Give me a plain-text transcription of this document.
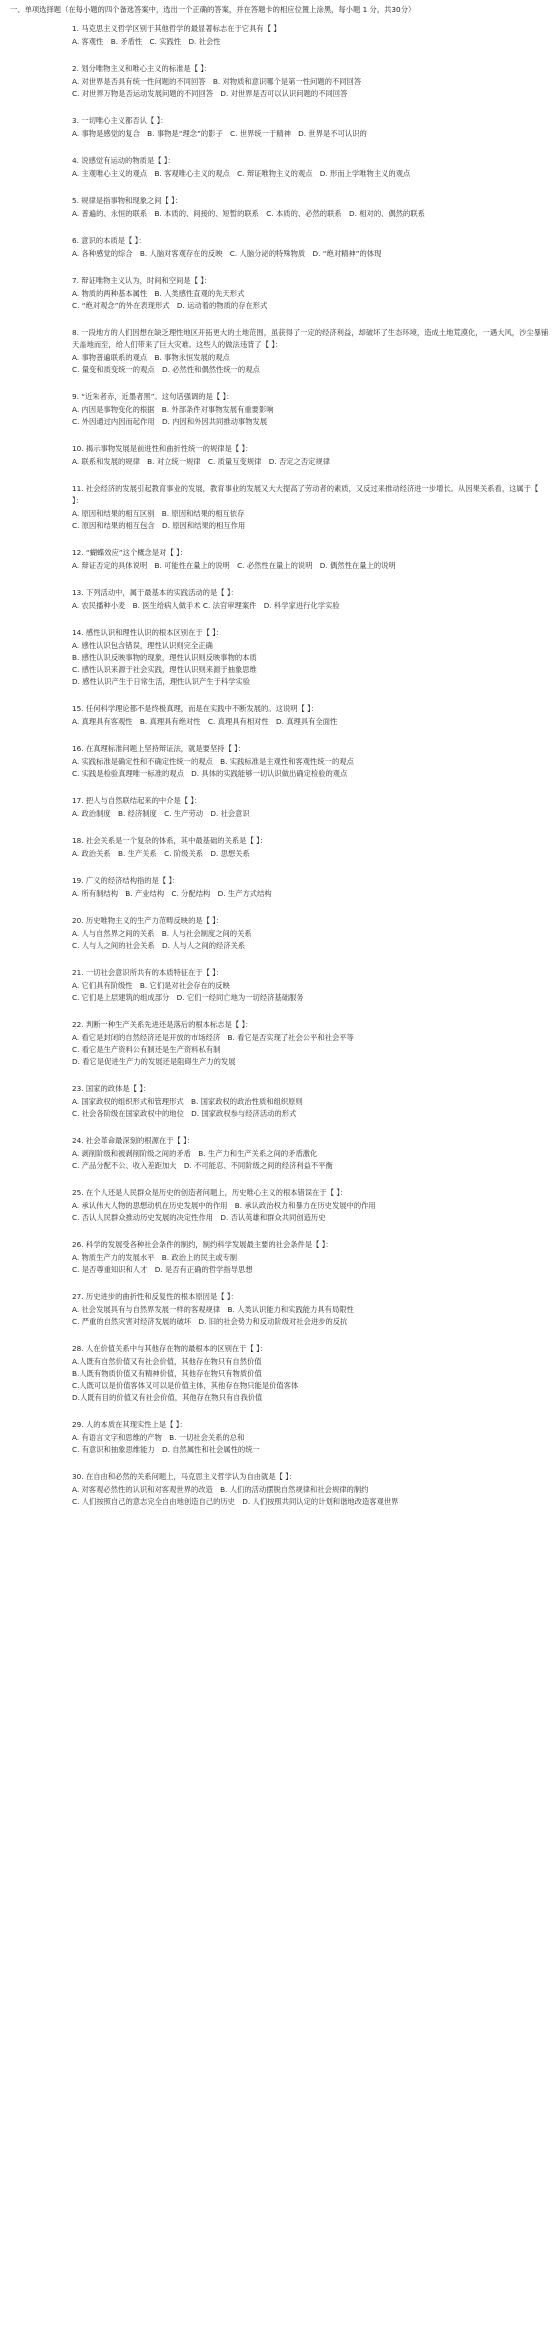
一、单项选择题（在每小题的四个备选答案中，选出一个正确的答案，并在答题卡的相应位置上涂黑，每小题 1 分，共30分）
1. 马克思主义哲学区别于其他哲学的最显著标志在于它具有【 】
A. 客观性　B. 矛盾性　C. 实践性　D. 社会性
2. 划分唯物主义和唯心主义的标准是【 】：
A. 对世界是否具有统一性问题的不同回答　B. 对物质和意识哪个是第一性问题的不同回答
C. 对世界万物是否运动发展问题的不同回答　D. 对世界是否可以认识问题的不同回答
3. 一切唯心主义都否认【 】：
A. 事物是感觉的复合　B. 事物是“理念”的影子　C. 世界统一于精神　D. 世界是不可认识的
4. 说感觉有运动的物质是【 】：
A. 主观唯心主义的观点　B. 客观唯心主义的观点　C. 辩证唯物主义的观点　D. 形而上学唯物主义的观点
5. 规律是指事物和现象之间【 】：
A. 普遍的、永恒的联系　B. 本质的、间接的、短暂的联系　C. 本质的、必然的联系　D. 相对的、偶然的联系
6. 意识的本质是【 】：
A. 各种感觉的综合　B. 人脑对客观存在的反映　C. 人脑分泌的特殊物质　D. “绝对精神”的体现
7. 辩证唯物主义认为，时间和空间是【 】：
A. 物质的两种基本属性　B. 人类感性直观的先天形式
C. “绝对观念”的外在表现形式　D. 运动着的物质的存在形式
8. 一段地方的人们因想在缺乏理性地区开拓更大的土地范围，虽获得了一定的经济利益，却破坏了生态环境，造成土地荒漠化，一遇大风，沙尘暴铺天盖地而至，给人们带来了巨大灾难。这些人的做法违背了【 】：
A. 事物普遍联系的观点　B. 事物永恒发展的观点
C. 量变和质变统一的观点　D. 必然性和偶然性统一的观点
9. “近朱者赤，近墨者黑”。这句话强调的是【 】：
A. 内因是事物变化的根据　B. 外部条件对事物发展有重要影响
C. 外因通过内因而起作用　D. 内因和外因共同推动事物发展
10. 揭示事物发展是前进性和曲折性统一的规律是【 】：
A. 联系和发展的规律　B. 对立统一规律　C. 质量互变规律　D. 否定之否定规律
11. 社会经济的发展引起教育事业的发展，教育事业的发展又大大提高了劳动者的素质，又反过来推动经济进一步增长。从因果关系看，这属于【 】：
A. 原因和结果的相互区别　B. 原因和结果的相互依存
C. 原因和结果的相互包含　D. 原因和结果的相互作用
12. “蝴蝶效应”这个概念是对【 】：
A. 辩证否定的具体说明　B. 可能性在量上的说明　C. 必然性在量上的说明　D. 偶然性在量上的说明
13. 下列活动中，属于最基本的实践活动的是【 】：
A. 农民播种小麦　B. 医生给病人做手术 C. 法官审理案件　D. 科学家进行化学实验
14. 感性认识和理性认识的根本区别在于【 】：
A. 感性认识包含错误，理性认识则完全正确
B. 感性认识反映事物的现象，理性认识则反映事物的本质
C. 感性认识来源于社会实践，理性认识则来源于抽象思维
D. 感性认识产生于日常生活，理性认识产生于科学实验
15. 任何科学理论都不是终极真理，而是在实践中不断发展的。这说明【 】：
A. 真理具有客观性　B. 真理具有绝对性　C. 真理具有相对性　D. 真理具有全面性
16. 在真理标准问题上坚持辩证法，就是要坚持【 】：
A. 实践标准是确定性和不确定性统一的观点　B. 实践标准是主观性和客观性统一的观点
C. 实践是检验真理唯一标准的观点　D. 具体的实践能够一切认识做出确定检验的观点
17. 把人与自然联结起来的中介是【 】：
A. 政治制度　B. 经济制度　C. 生产劳动　D. 社会意识
18. 社会关系是一个复杂的体系，其中最基础的关系是【 】：
A. 政治关系　B. 生产关系　C. 阶级关系　D. 思想关系
19. 广义的经济结构指的是【 】：
A. 所有制结构　B. 产业结构　C. 分配结构　D. 生产方式结构
20. 历史唯物主义的生产力范畴反映的是【 】：
A. 人与自然界之间的关系　B. 人与社会制度之间的关系
C. 人与人之间的社会关系　D. 人与人之间的经济关系
21. 一切社会意识所共有的本质特征在于【 】：
A. 它们具有阶级性　B. 它们是对社会存在的反映
C. 它们是上层建筑的组成部分　D. 它们一经同亡地为一切经济基础服务
22. 判断一种生产关系先进还是落后的根本标志是【 】：
A. 看它是封闭的自然经济还是开放的市场经济　B. 看它是否实现了社会公平和社会平等
C. 看它是生产资料公有制还是生产资料私有制
D. 看它是促进生产力的发展还是阻碍生产力的发展
23. 国家的政体是【 】：
A. 国家政权的组织形式和管理形式　B. 国家政权的政治性质和组织原则
C. 社会各阶级在国家政权中的地位　D. 国家政权参与经济活动的形式
24. 社会革命最深刻的根源在于【 】：
A. 剥削阶级和被剥削阶级之间的矛盾　B. 生产力和生产关系之间的矛盾激化
C. 产品分配不公、收入差距加大　D. 不可能忍、不同阶级之间的经济利益不平衡
25. 在个人还是人民群众是历史的创造者问题上，历史唯心主义的根本错误在于【 】：
A. 承认伟大人物的思想动机在历史发展中的作用　B. 承认政治权力和暴力在历史发展中的作用
C. 否认人民群众推动历史发展的决定性作用　D. 否认英雄和群众共同创造历史
26. 科学的发展受各种社会条件的制约，制约科学发展最主要的社会条件是【 】：
A. 物质生产力的发展水平　B. 政治上的民主或专制
C. 是否尊重知识和人才　D. 是否有正确的哲学指导思想
27. 历史进步的曲折性和反复性的根本原因是【 】：
A. 社会发展具有与自然界发展一样的客观规律　B. 人类认识能力和实践能力具有局限性
C. 严重的自然灾害对经济发展的破坏　D. 旧的社会势力和反动阶级对社会进步的反抗
28. 人在价值关系中与其他存在物的最根本的区别在于【 】：
A.人既有自然价值又有社会价值，其他存在物只有自然价值
B.人既有物质价值又有精神价值，其他存在物只有物质价值
C.人既可以是价值客体又可以是价值主体，其他存在物只能是价值客体
D.人既有目的价值又有社会价值，其他存在物只有自我价值
29. 人的本质在其现实性上是【 】：
A. 有语言文字和思维的产物　B. 一切社会关系的总和
C. 有意识和抽象思维能力　D. 自然属性和社会属性的统一
30. 在自由和必然的关系问题上，马克思主义哲学认为自由就是【 】：
A. 对客观必然性的认识和对客观世界的改造　B. 人们的活动摆脱自然规律和社会规律的制约
C. 人们按照自己的意志完全自由地创造自己的历史　D. 人们按照共同认定的计划和谐地改造客观世界
